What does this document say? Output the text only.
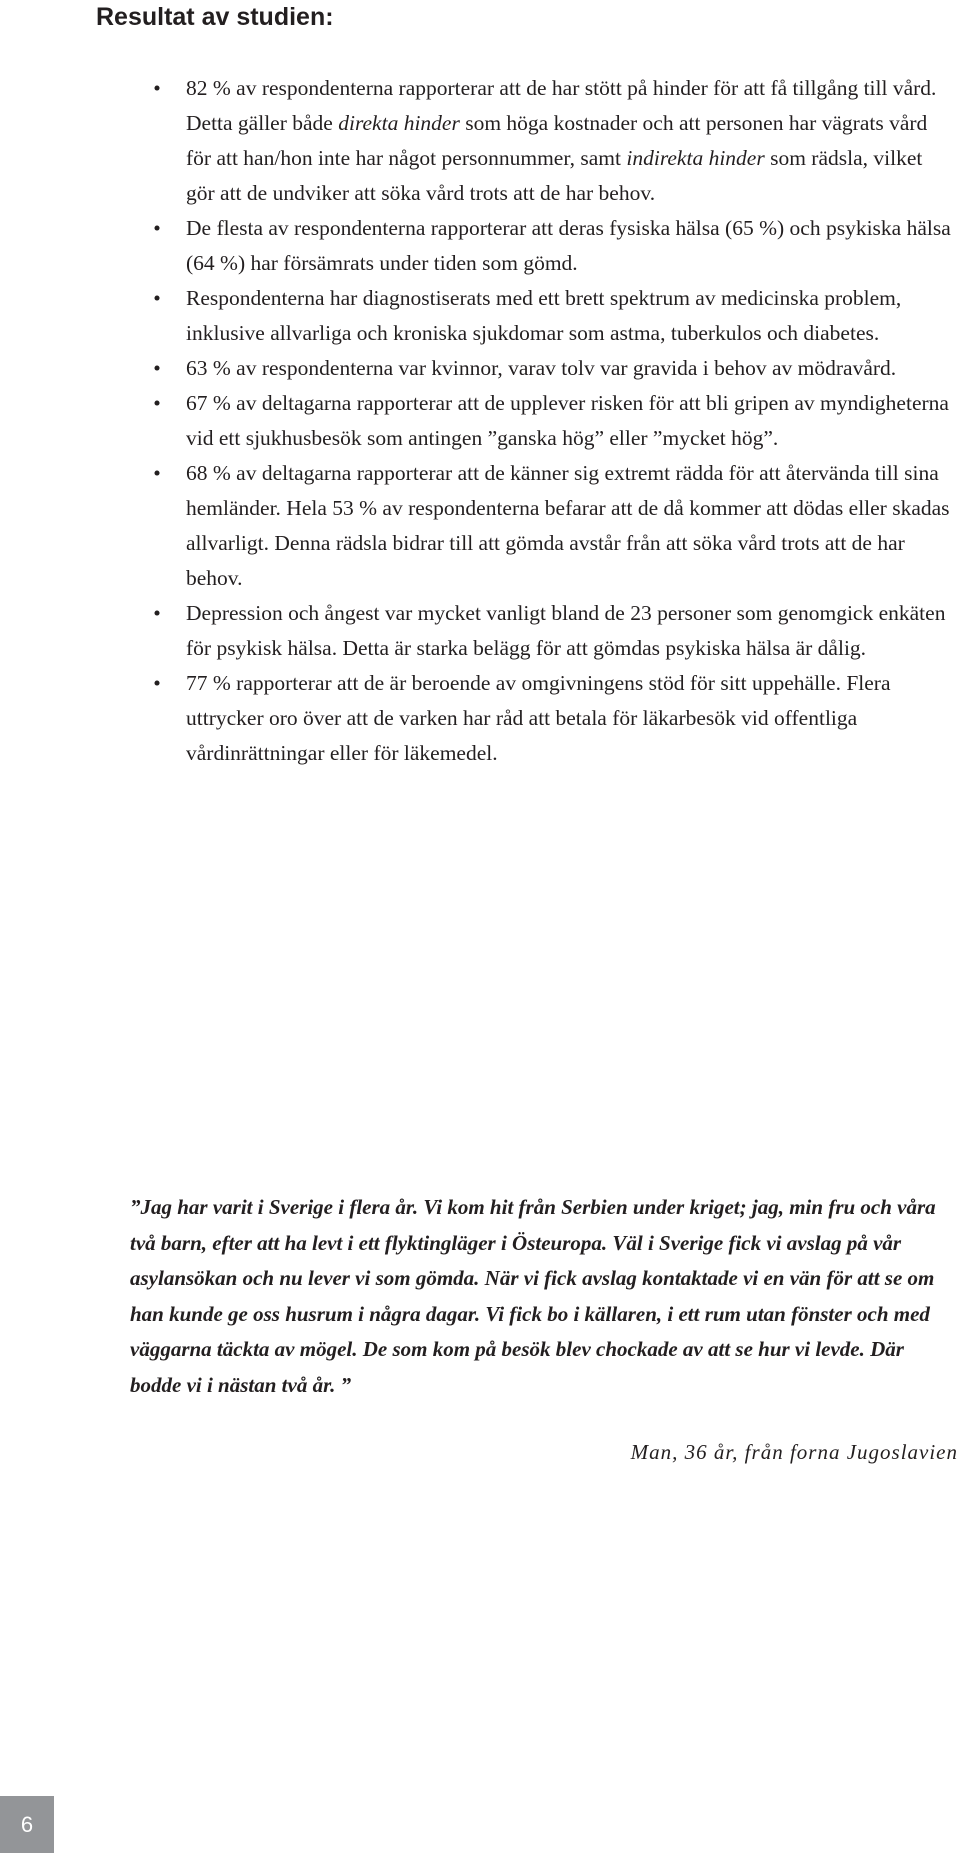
Resultat av studien:
• 82 % av respondenterna rapporterar att de har stött på hinder för att få tillgång till vård. Detta gäller både direkta hinder som höga kostnader och att personen har vägrats vård för att han/hon inte har något personnummer, samt indirekta hinder som rädsla, vilket gör att de undviker att söka vård trots att de har behov.
• De flesta av respondenterna rapporterar att deras fysiska hälsa (65 %) och psykiska hälsa (64 %) har försämrats under tiden som gömd.
• Respondenterna har diagnostiserats med ett brett spektrum av medicinska problem, inklusive allvarliga och kroniska sjukdomar som astma, tuberkulos och diabetes.
• 63 % av respondenterna var kvinnor, varav tolv var gravida i behov av mödravård.
• 67 % av deltagarna rapporterar att de upplever risken för att bli gripen av myndigheterna vid ett sjukhusbesök som antingen ”ganska hög” eller ”mycket hög”.
• 68 % av deltagarna rapporterar att de känner sig extremt rädda för att återvända till sina hemländer. Hela 53 % av respondenterna befarar att de då kommer att dödas eller skadas allvarligt. Denna rädsla bidrar till att gömda avstår från att söka vård trots att de har behov.
• Depression och ångest var mycket vanligt bland de 23 personer som genomgick enkäten för psykisk hälsa. Detta är starka belägg för att gömdas psykiska hälsa är dålig.
• 77 % rapporterar att de är beroende av omgivningens stöd för sitt uppehälle. Flera uttrycker oro över att de varken har råd att betala för läkarbesök vid offentliga vårdinrättningar eller för läkemedel.

”Jag har varit i Sverige i flera år. Vi kom hit från Serbien under kriget; jag, min fru och våra två barn, efter att ha levt i ett flyktingläger i Östeuropa. Väl i Sverige fick vi avslag på vår asylansökan och nu lever vi som gömda. När vi fick avslag kontaktade vi en vän för att se om han kunde ge oss husrum i några dagar. Vi fick bo i källaren, i ett rum utan fönster och med väggarna täckta av mögel. De som kom på besök blev chockade av att se hur vi levde. Där bodde vi i nästan två år. ”

Man, 36 år, från forna Jugoslavien

6
